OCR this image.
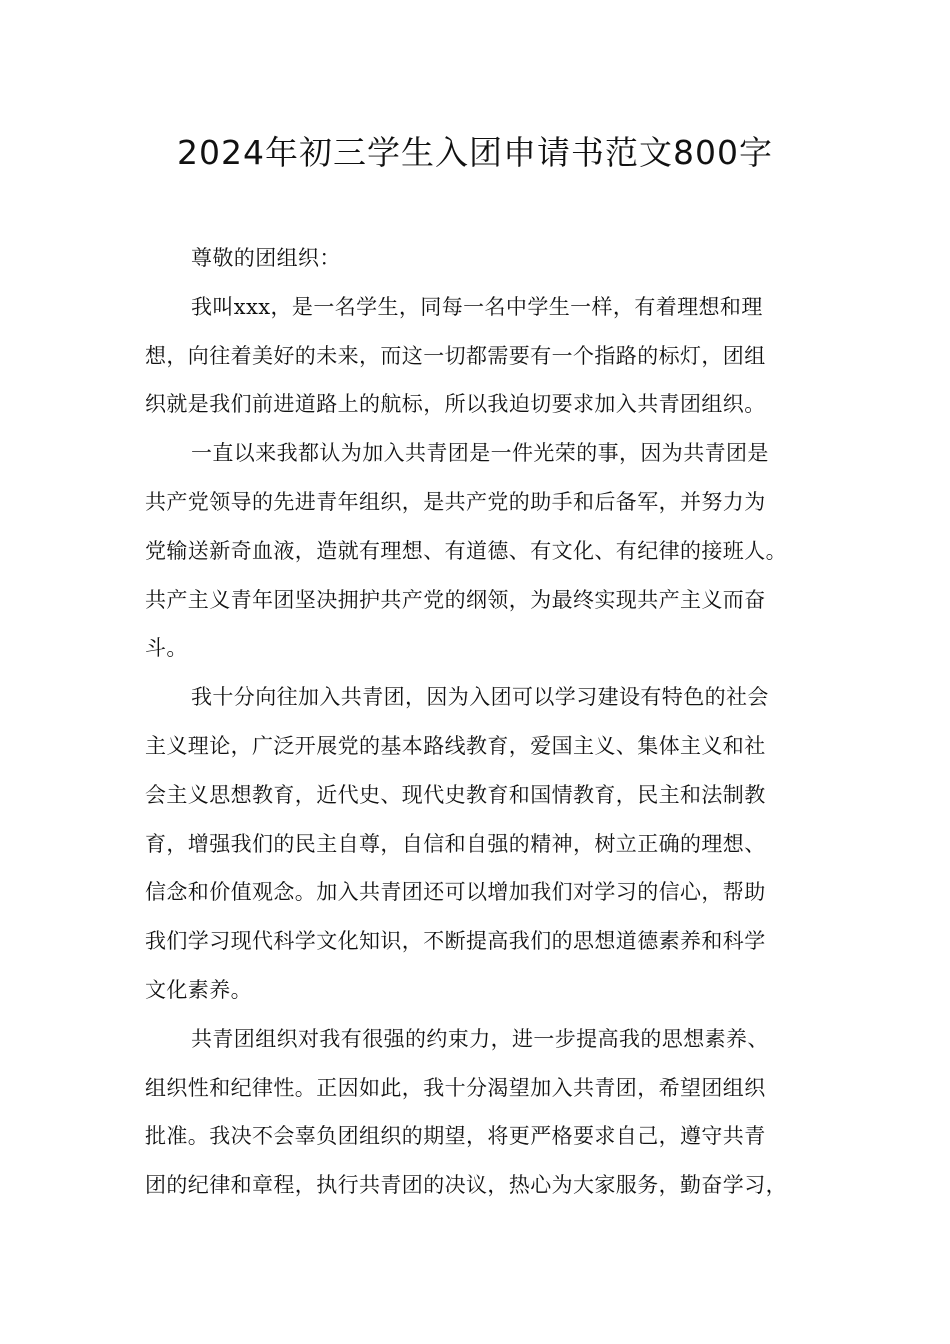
2024年初三学生入团申请书范文800字

尊敬的团组织：

我叫xxx，是一名学生，同每一名中学生一样，有着理想和理
想，向往着美好的未来，而这一切都需要有一个指路的标灯，团组
织就是我们前进道路上的航标，所以我迫切要求加入共青团组织。

一直以来我都认为加入共青团是一件光荣的事，因为共青团是
共产党领导的先进青年组织，是共产党的助手和后备军，并努力为
党输送新奇血液，造就有理想、有道德、有文化、有纪律的接班人。
共产主义青年团坚决拥护共产党的纲领，为最终实现共产主义而奋
斗。

我十分向往加入共青团，因为入团可以学习建设有特色的社会
主义理论，广泛开展党的基本路线教育，爱国主义、集体主义和社
会主义思想教育，近代史、现代史教育和国情教育，民主和法制教
育，增强我们的民主自尊，自信和自强的精神，树立正确的理想、
信念和价值观念。加入共青团还可以增加我们对学习的信心，帮助
我们学习现代科学文化知识，不断提高我们的思想道德素养和科学
文化素养。

共青团组织对我有很强的约束力，进一步提高我的思想素养、
组织性和纪律性。正因如此，我十分渴望加入共青团，希望团组织
批准。我决不会辜负团组织的期望，将更严格要求自己，遵守共青
团的纪律和章程，执行共青团的决议，热心为大家服务，勤奋学习，
